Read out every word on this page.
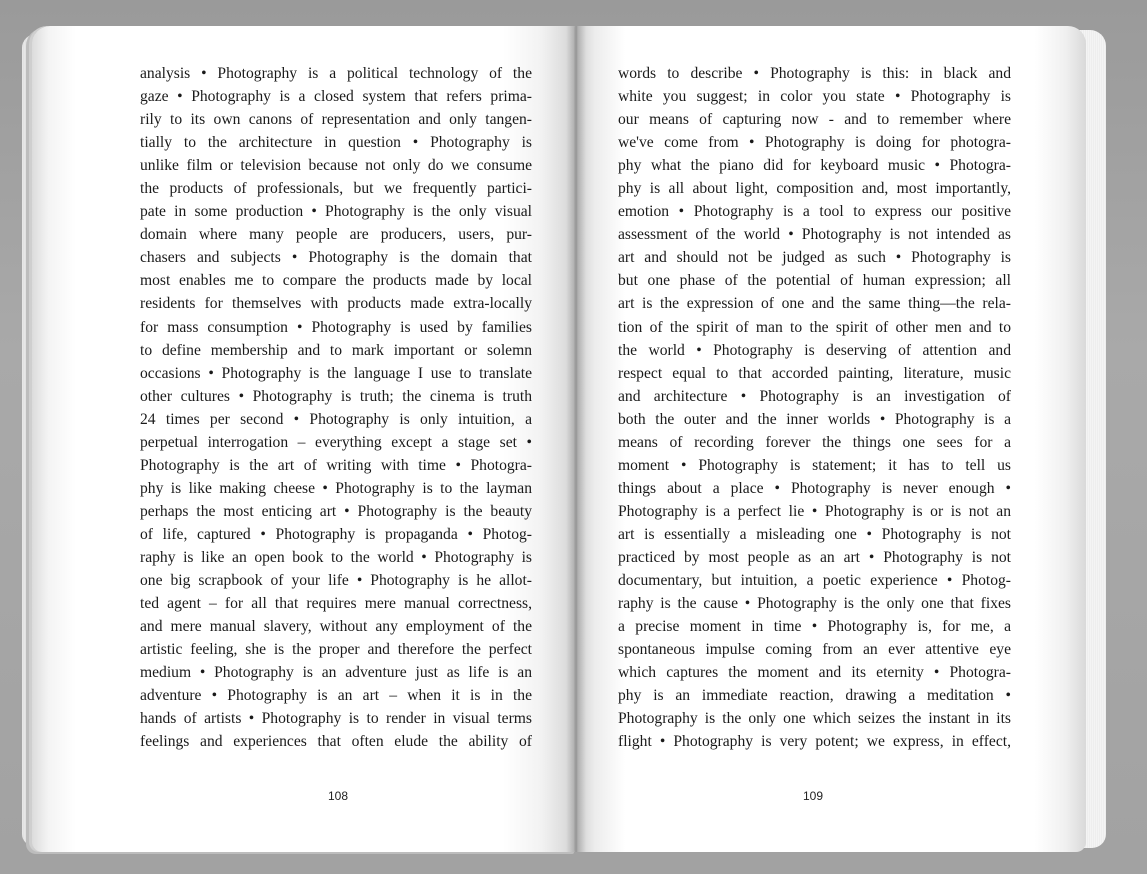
analysis • Photography is a political technology of the
gaze • Photography is a closed system that refers prima-
rily to its own canons of representation and only tangen-
tially to the architecture in question • Photography is
unlike film or television because not only do we consume
the products of professionals, but we frequently partici-
pate in some production • Photography is the only visual
domain where many people are producers, users, pur-
chasers and subjects • Photography is the domain that
most enables me to compare the products made by local
residents for themselves with products made extra-locally
for mass consumption • Photography is used by families
to define membership and to mark important or solemn
occasions • Photography is the language I use to translate
other cultures • Photography is truth; the cinema is truth
24 times per second • Photography is only intuition, a
perpetual interrogation – everything except a stage set •
Photography is the art of writing with time • Photogra-
phy is like making cheese • Photography is to the layman
perhaps the most enticing art • Photography is the beauty
of life, captured • Photography is propaganda • Photog-
raphy is like an open book to the world • Photography is
one big scrapbook of your life • Photography is he allot-
ted agent – for all that requires mere manual correctness,
and mere manual slavery, without any employment of the
artistic feeling, she is the proper and therefore the perfect
medium • Photography is an adventure just as life is an
adventure • Photography is an art – when it is in the
hands of artists • Photography is to render in visual terms
feelings and experiences that often elude the ability of
108
words to describe • Photography is this: in black and
white you suggest; in color you state • Photography is
our means of capturing now - and to remember where
we've come from • Photography is doing for photogra-
phy what the piano did for keyboard music • Photogra-
phy is all about light, composition and, most importantly,
emotion • Photography is a tool to express our positive
assessment of the world • Photography is not intended as
art and should not be judged as such • Photography is
but one phase of the potential of human expression; all
art is the expression of one and the same thing—the rela-
tion of the spirit of man to the spirit of other men and to
the world • Photography is deserving of attention and
respect equal to that accorded painting, literature, music
and architecture • Photography is an investigation of
both the outer and the inner worlds • Photography is a
means of recording forever the things one sees for a
moment • Photography is statement; it has to tell us
things about a place • Photography is never enough •
Photography is a perfect lie • Photography is or is not an
art is essentially a misleading one • Photography is not
practiced by most people as an art • Photography is not
documentary, but intuition, a poetic experience • Photog-
raphy is the cause • Photography is the only one that fixes
a precise moment in time • Photography is, for me, a
spontaneous impulse coming from an ever attentive eye
which captures the moment and its eternity • Photogra-
phy is an immediate reaction, drawing a meditation •
Photography is the only one which seizes the instant in its
flight • Photography is very potent; we express, in effect,
109
